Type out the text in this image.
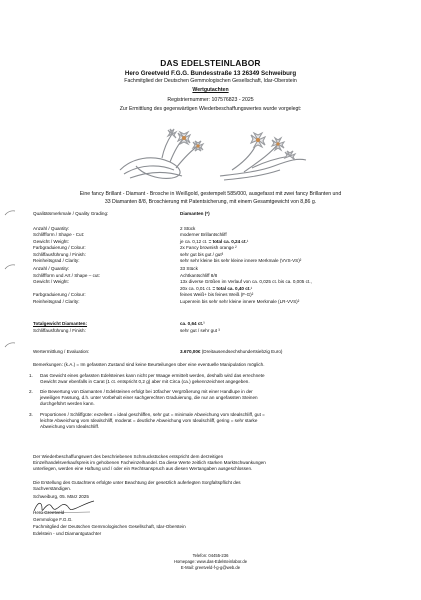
DAS EDELSTEINLABOR
Hero Greetveld F.G.G. Bundesstraße 13 26349 Schweiburg
Fachmitglied der Deutschen Gemmologischen Gesellschaft, Idar-Oberstein
Wertgutachten
Registriernummer: 107576823 - 2025
Zur Ermittlung des gegenwärtigen Wiederbeschaffungswertes wurde vorgelegt:
Eine fancy Brillant - Diamant - Brosche in Weißgold, gestempelt 585/000, ausgefasst mit zwei fancy Brillanten und
33 Diamanten 8/8, Broschierung mit Patentsicherung, mit einem Gesamtgewicht von 8,86 g.
Qualitätsmerkmale / Quality Grading:	Diamanten (*)
Anzahl / Quantity:	2 Stück
Schliffform / Shape - Cut:	moderner Brillantschliff
Gewicht / Weight:	je ca. 0,12 ct. = total ca. 0,24 ct.¹
Farbgraduierung / Colour:	2x Fancy brownish orange ²
Schliffausführung / Finish:	sehr gut bis gut / gut³
Reinheitsgrad / Clarity:	sehr sehr kleine bis sehr kleine innere Merkmale (VVS-VS)²
Anzahl / Quantity:	33 Stück
Schliffform und Art / Shape – cut:	Achtkantschliff 8/8
Gewicht / Weight:	13x diverse Größen im Verlauf von ca. 0,025 ct. bis ca. 0,005 ct.,
20x ca. 0,01 ct. = total ca. 0,40 ct.¹
Farbgraduierung / Colour:	feines Weiß+ bis feines Weiß (F-G)²
Reinheitsgrad / Clarity:	Lupenrein bis sehr sehr kleine innere Merkmale (LR-VVS)²
Totalgewicht Diamanten:	ca. 0,64 ct.¹
Schliffausführung / Finish:	sehr gut / sehr gut ³
Wertermittlung / Evaluation:	3.670,00€ (Dreitausendsechshundertsiebzig Euro)
Bemerkungen: (k.A.) = Im gefassten Zustand sind keine Beurteilungen über eine eventuelle Manipulation möglich.
1. Das Gewicht eines gefassten Edelsteines kann nicht per Waage ermittelt werden, deshalb wird das errechnete
Gewicht zwar ebenfalls in Carat (1 ct. entspricht 0,2 g) aber mit Circa (ca.) gekennzeichnet angegeben.
2. Die Bewertung von Diamanten / Edelsteinen erfolgt bei 10facher Vergrößerung mit einer Handlupe in der
jeweiligen Fassung, d.h. unter Vorbehalt einer sachgerechten Graduierung, die nur an ungefassten Steinen
durchgeführt werden kann.
3. Proportionen / Schliffgüte: exzellent = ideal geschliffen, sehr gut = minimale Abweichung vom Idealschliff, gut =
leichte Abweichung vom Idealschliff, moderat = deutliche Abweichung vom Idealschliff, gering = sehr starke
Abweichung vom Idealschliff.
Der Wiederbeschaffungswert des beschriebenen Schmuckstückes entspricht dem derzeitigen
Einzelhandelsverkaufspreis im gehobenen Facheinzelhandel. Da diese Werte zeitlich starken Marktschwankungen
unterliegen, werden eine Haftung und / oder ein Rechtsanspruch aus diesen Wertangaben ausgeschlossen.
Die Erstellung des Gutachtens erfolgte unter Beachtung der gesetzlich auferlegten Sorgfaltspflicht des
Sachverständigen.
Schweiburg, 05. März 2025
Hero Greetveld
Gemmologe F.G.G.
Fachmitglied der Deutschen Gemmologischen Gesellschaft, Idar-Oberstein
Edelstein - und Diamantgutachter
Telefon: 04455-236
Homepage: www.das-Edelsteinlabor.de
E-Mail: greetveld-f-g-g@web.de
